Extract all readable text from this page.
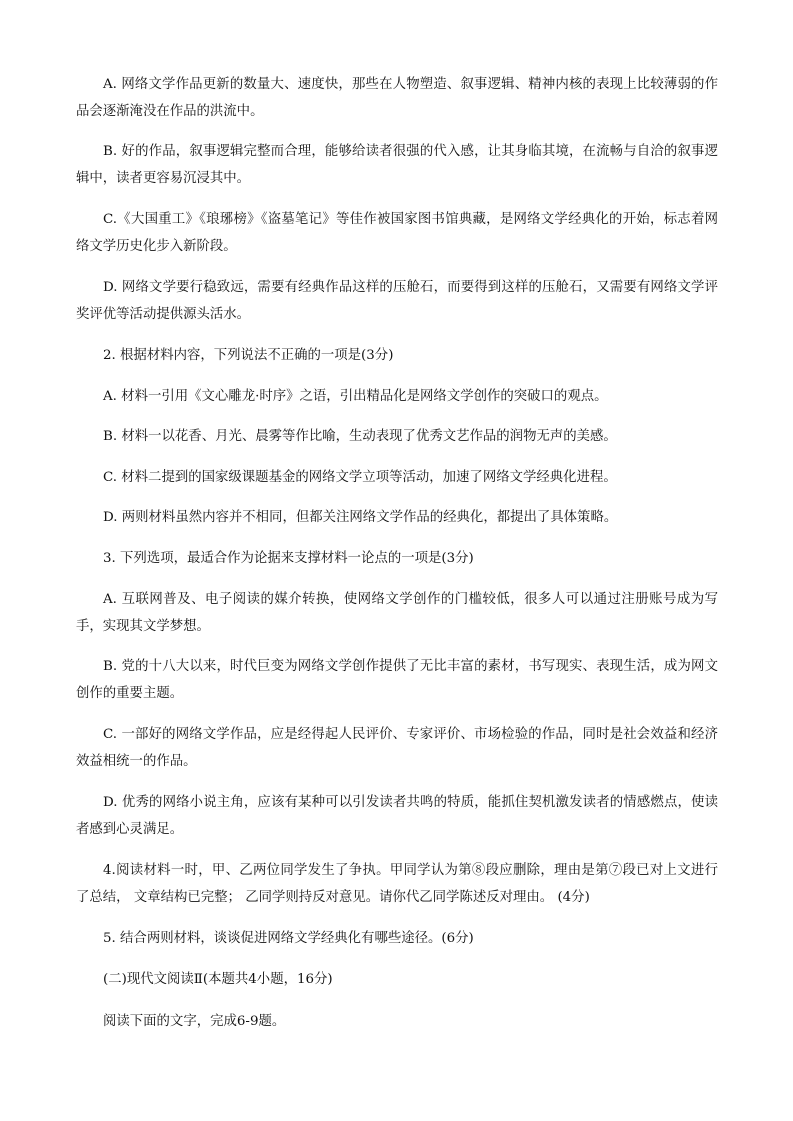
A. 网络文学作品更新的数量大、速度快，那些在人物塑造、叙事逻辑、精神内核的表现上比较薄弱的作品会逐渐淹没在作品的洪流中。

B. 好的作品，叙事逻辑完整而合理，能够给读者很强的代入感，让其身临其境，在流畅与自洽的叙事逻辑中，读者更容易沉浸其中。

C.《大国重工》《琅琊榜》《盗墓笔记》等佳作被国家图书馆典藏，是网络文学经典化的开始，标志着网络文学历史化步入新阶段。

D. 网络文学要行稳致远，需要有经典作品这样的压舱石，而要得到这样的压舱石，又需要有网络文学评奖评优等活动提供源头活水。

2. 根据材料内容，下列说法不正确的一项是(3分)

A. 材料一引用《文心雕龙·时序》之语，引出精品化是网络文学创作的突破口的观点。

B. 材料一以花香、月光、晨雾等作比喻，生动表现了优秀文艺作品的润物无声的美感。

C. 材料二提到的国家级课题基金的网络文学立项等活动，加速了网络文学经典化进程。

D. 两则材料虽然内容并不相同，但都关注网络文学作品的经典化，都提出了具体策略。

3. 下列选项，最适合作为论据来支撑材料一论点的一项是(3分)

A. 互联网普及、电子阅读的媒介转换，使网络文学创作的门槛较低，很多人可以通过注册账号成为写手，实现其文学梦想。

B. 党的十八大以来，时代巨变为网络文学创作提供了无比丰富的素材，书写现实、表现生活，成为网文创作的重要主题。

C. 一部好的网络文学作品，应是经得起人民评价、专家评价、市场检验的作品，同时是社会效益和经济效益相统一的作品。

D. 优秀的网络小说主角，应该有某种可以引发读者共鸣的特质，能抓住契机激发读者的情感燃点，使读者感到心灵满足。

4.阅读材料一时，甲、乙两位同学发生了争执。甲同学认为第⑧段应删除，理由是第⑦段已对上文进行了总结， 文章结构已完整； 乙同学则持反对意见。请你代乙同学陈述反对理由。 (4分)

5. 结合两则材料，谈谈促进网络文学经典化有哪些途径。(6分)

(二)现代文阅读Ⅱ(本题共4小题，16分)

阅读下面的文字，完成6-9题。
